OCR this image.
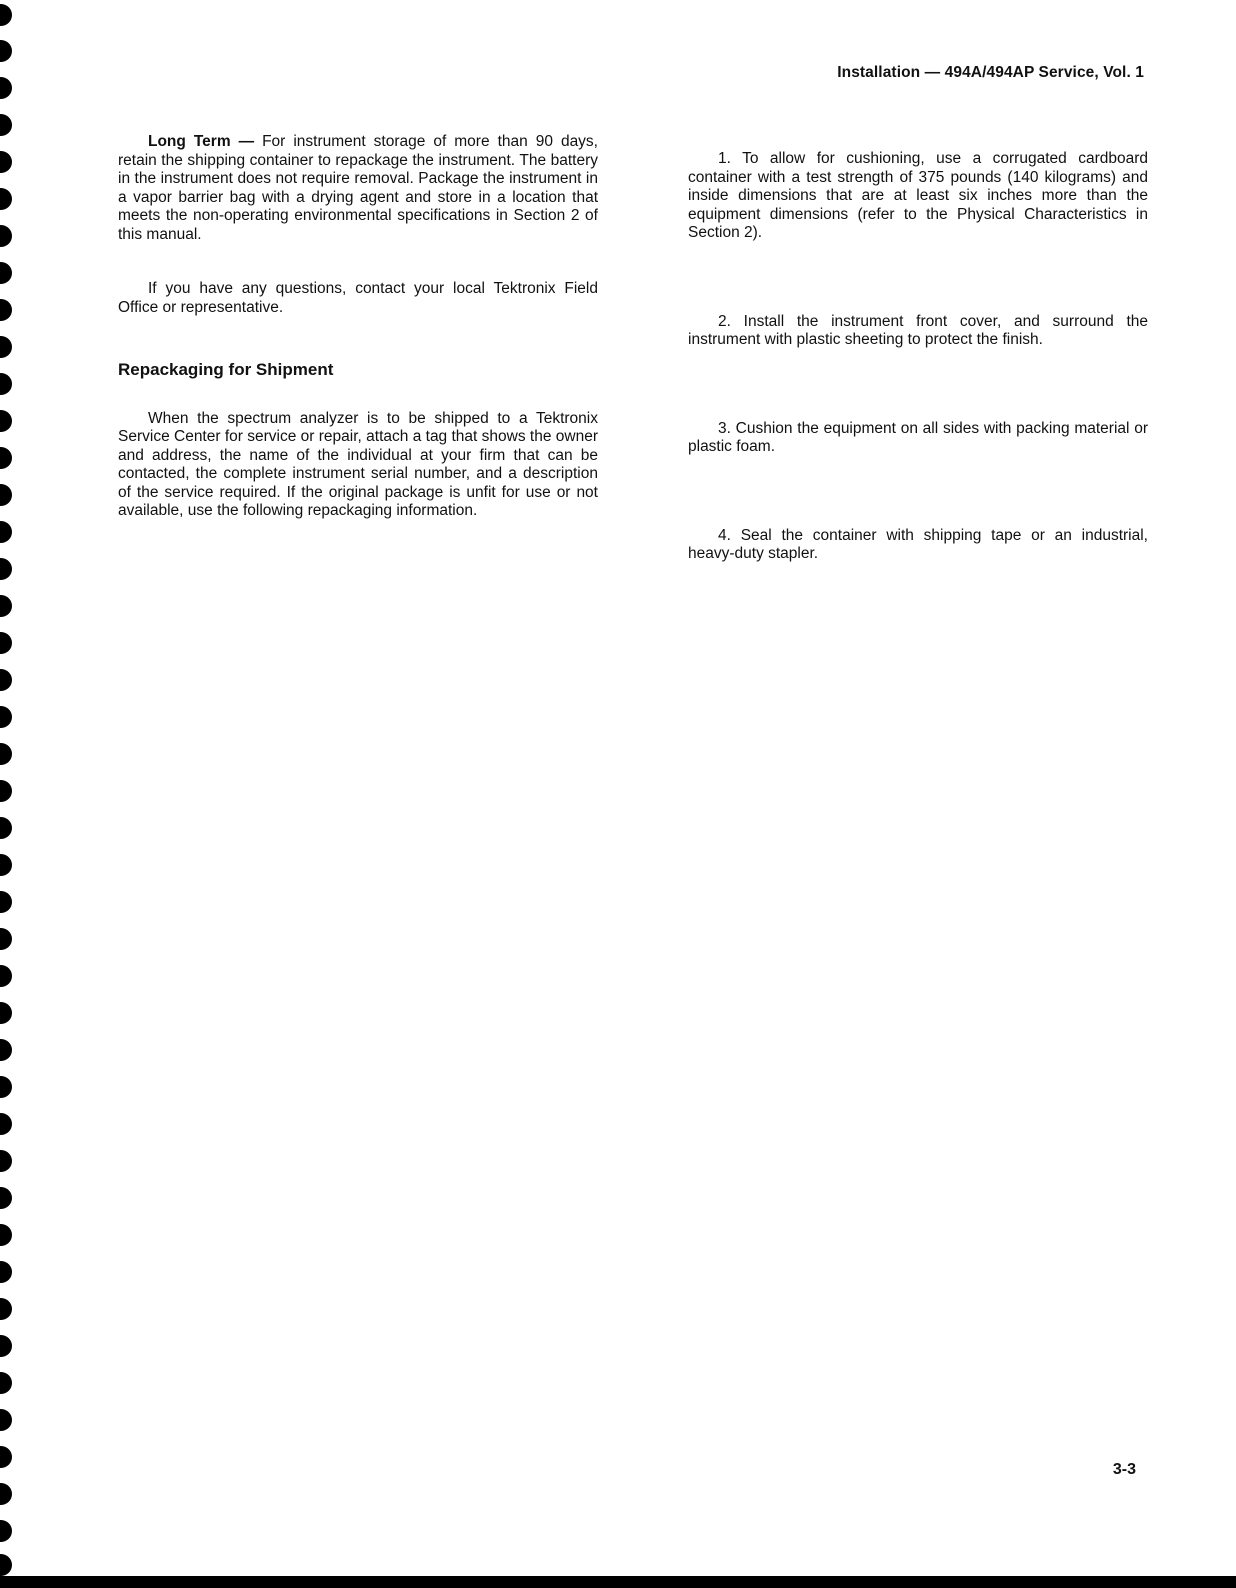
Installation — 494A/494AP Service, Vol. 1

Long Term — For instrument storage of more than 90 days, retain the shipping container to repackage the instrument. The battery in the instrument does not require removal. Package the instrument in a vapor barrier bag with a drying agent and store in a location that meets the non-operating environmental specifications in Section 2 of this manual.

If you have any questions, contact your local Tektronix Field Office or representative.

Repackaging for Shipment

When the spectrum analyzer is to be shipped to a Tektronix Service Center for service or repair, attach a tag that shows the owner and address, the name of the individual at your firm that can be contacted, the complete instrument serial number, and a description of the service required. If the original package is unfit for use or not available, use the following repackaging information.

1. To allow for cushioning, use a corrugated cardboard container with a test strength of 375 pounds (140 kilograms) and inside dimensions that are at least six inches more than the equipment dimensions (refer to the Physical Characteristics in Section 2).

2. Install the instrument front cover, and surround the instrument with plastic sheeting to protect the finish.

3. Cushion the equipment on all sides with packing material or plastic foam.

4. Seal the container with shipping tape or an industrial, heavy-duty stapler.

3-3
